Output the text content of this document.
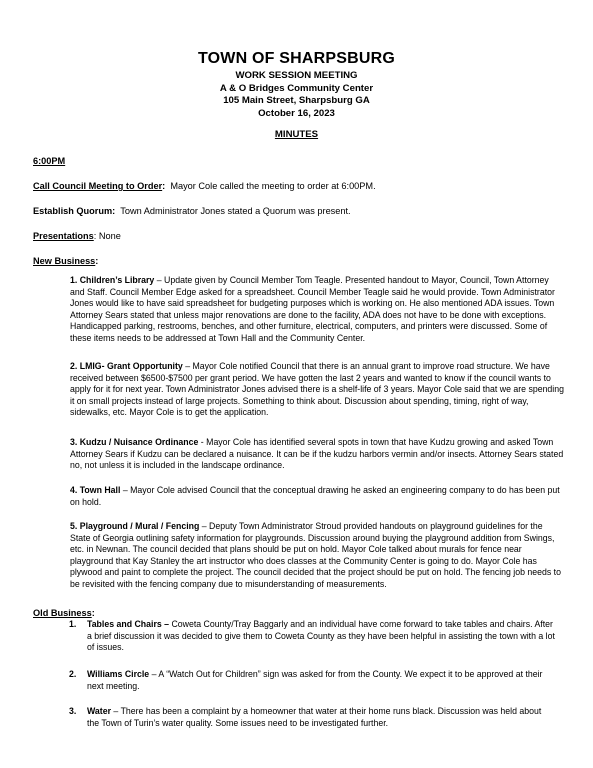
TOWN OF SHARPSBURG
WORK SESSION MEETING
A & O Bridges Community Center
105 Main Street, Sharpsburg GA
October 16, 2023
MINUTES
6:00PM
Call Council Meeting to Order: Mayor Cole called the meeting to order at 6:00PM.
Establish Quorum: Town Administrator Jones stated a Quorum was present.
Presentations: None
New Business:
1. Children’s Library – Update given by Council Member Tom Teagle. Presented handout to Mayor, Council, Town Attorney and Staff. Council Member Edge asked for a spreadsheet. Council Member Teagle said he would provide. Town Administrator Jones would like to have said spreadsheet for budgeting purposes which is working on. He also mentioned ADA issues. Town Attorney Sears stated that unless major renovations are done to the facility, ADA does not have to be done with exceptions. Handicapped parking, restrooms, benches, and other furniture, electrical, computers, and printers were discussed. Some of these items needs to be addressed at Town Hall and the Community Center.
2. LMIG- Grant Opportunity – Mayor Cole notified Council that there is an annual grant to improve road structure. We have received between $6500-$7500 per grant period. We have gotten the last 2 years and wanted to know if the council wants to apply for it for next year. Town Administrator Jones advised there is a shelf-life of 3 years. Mayor Cole said that we are spending it on small projects instead of large projects. Something to think about. Discussion about spending, timing, right of way, sidewalks, etc. Mayor Cole is to get the application.
3. Kudzu / Nuisance Ordinance - Mayor Cole has identified several spots in town that have Kudzu growing and asked Town Attorney Sears if Kudzu can be declared a nuisance. It can be if the kudzu harbors vermin and/or insects. Attorney Sears stated no, not unless it is included in the landscape ordinance.
4. Town Hall – Mayor Cole advised Council that the conceptual drawing he asked an engineering company to do has been put on hold.
5. Playground / Mural / Fencing – Deputy Town Administrator Stroud provided handouts on playground guidelines for the State of Georgia outlining safety information for playgrounds. Discussion around buying the playground addition from Swings, etc. in Newnan. The council decided that plans should be put on hold. Mayor Cole talked about murals for fence near playground that Kay Stanley the art instructor who does classes at the Community Center is going to do. Mayor Cole has plywood and paint to complete the project. The council decided that the project should be put on hold. The fencing job needs to be revisited with the fencing company due to misunderstanding of measurements.
Old Business:
1. Tables and Chairs – Coweta County/Tray Baggarly and an individual have come forward to take tables and chairs. After a brief discussion it was decided to give them to Coweta County as they have been helpful in assisting the town with a lot of issues.
2. Williams Circle – A “Watch Out for Children” sign was asked for from the County. We expect it to be approved at their next meeting.
3. Water – There has been a complaint by a homeowner that water at their home runs black. Discussion was held about the Town of Turin’s water quality. Some issues need to be investigated further.
